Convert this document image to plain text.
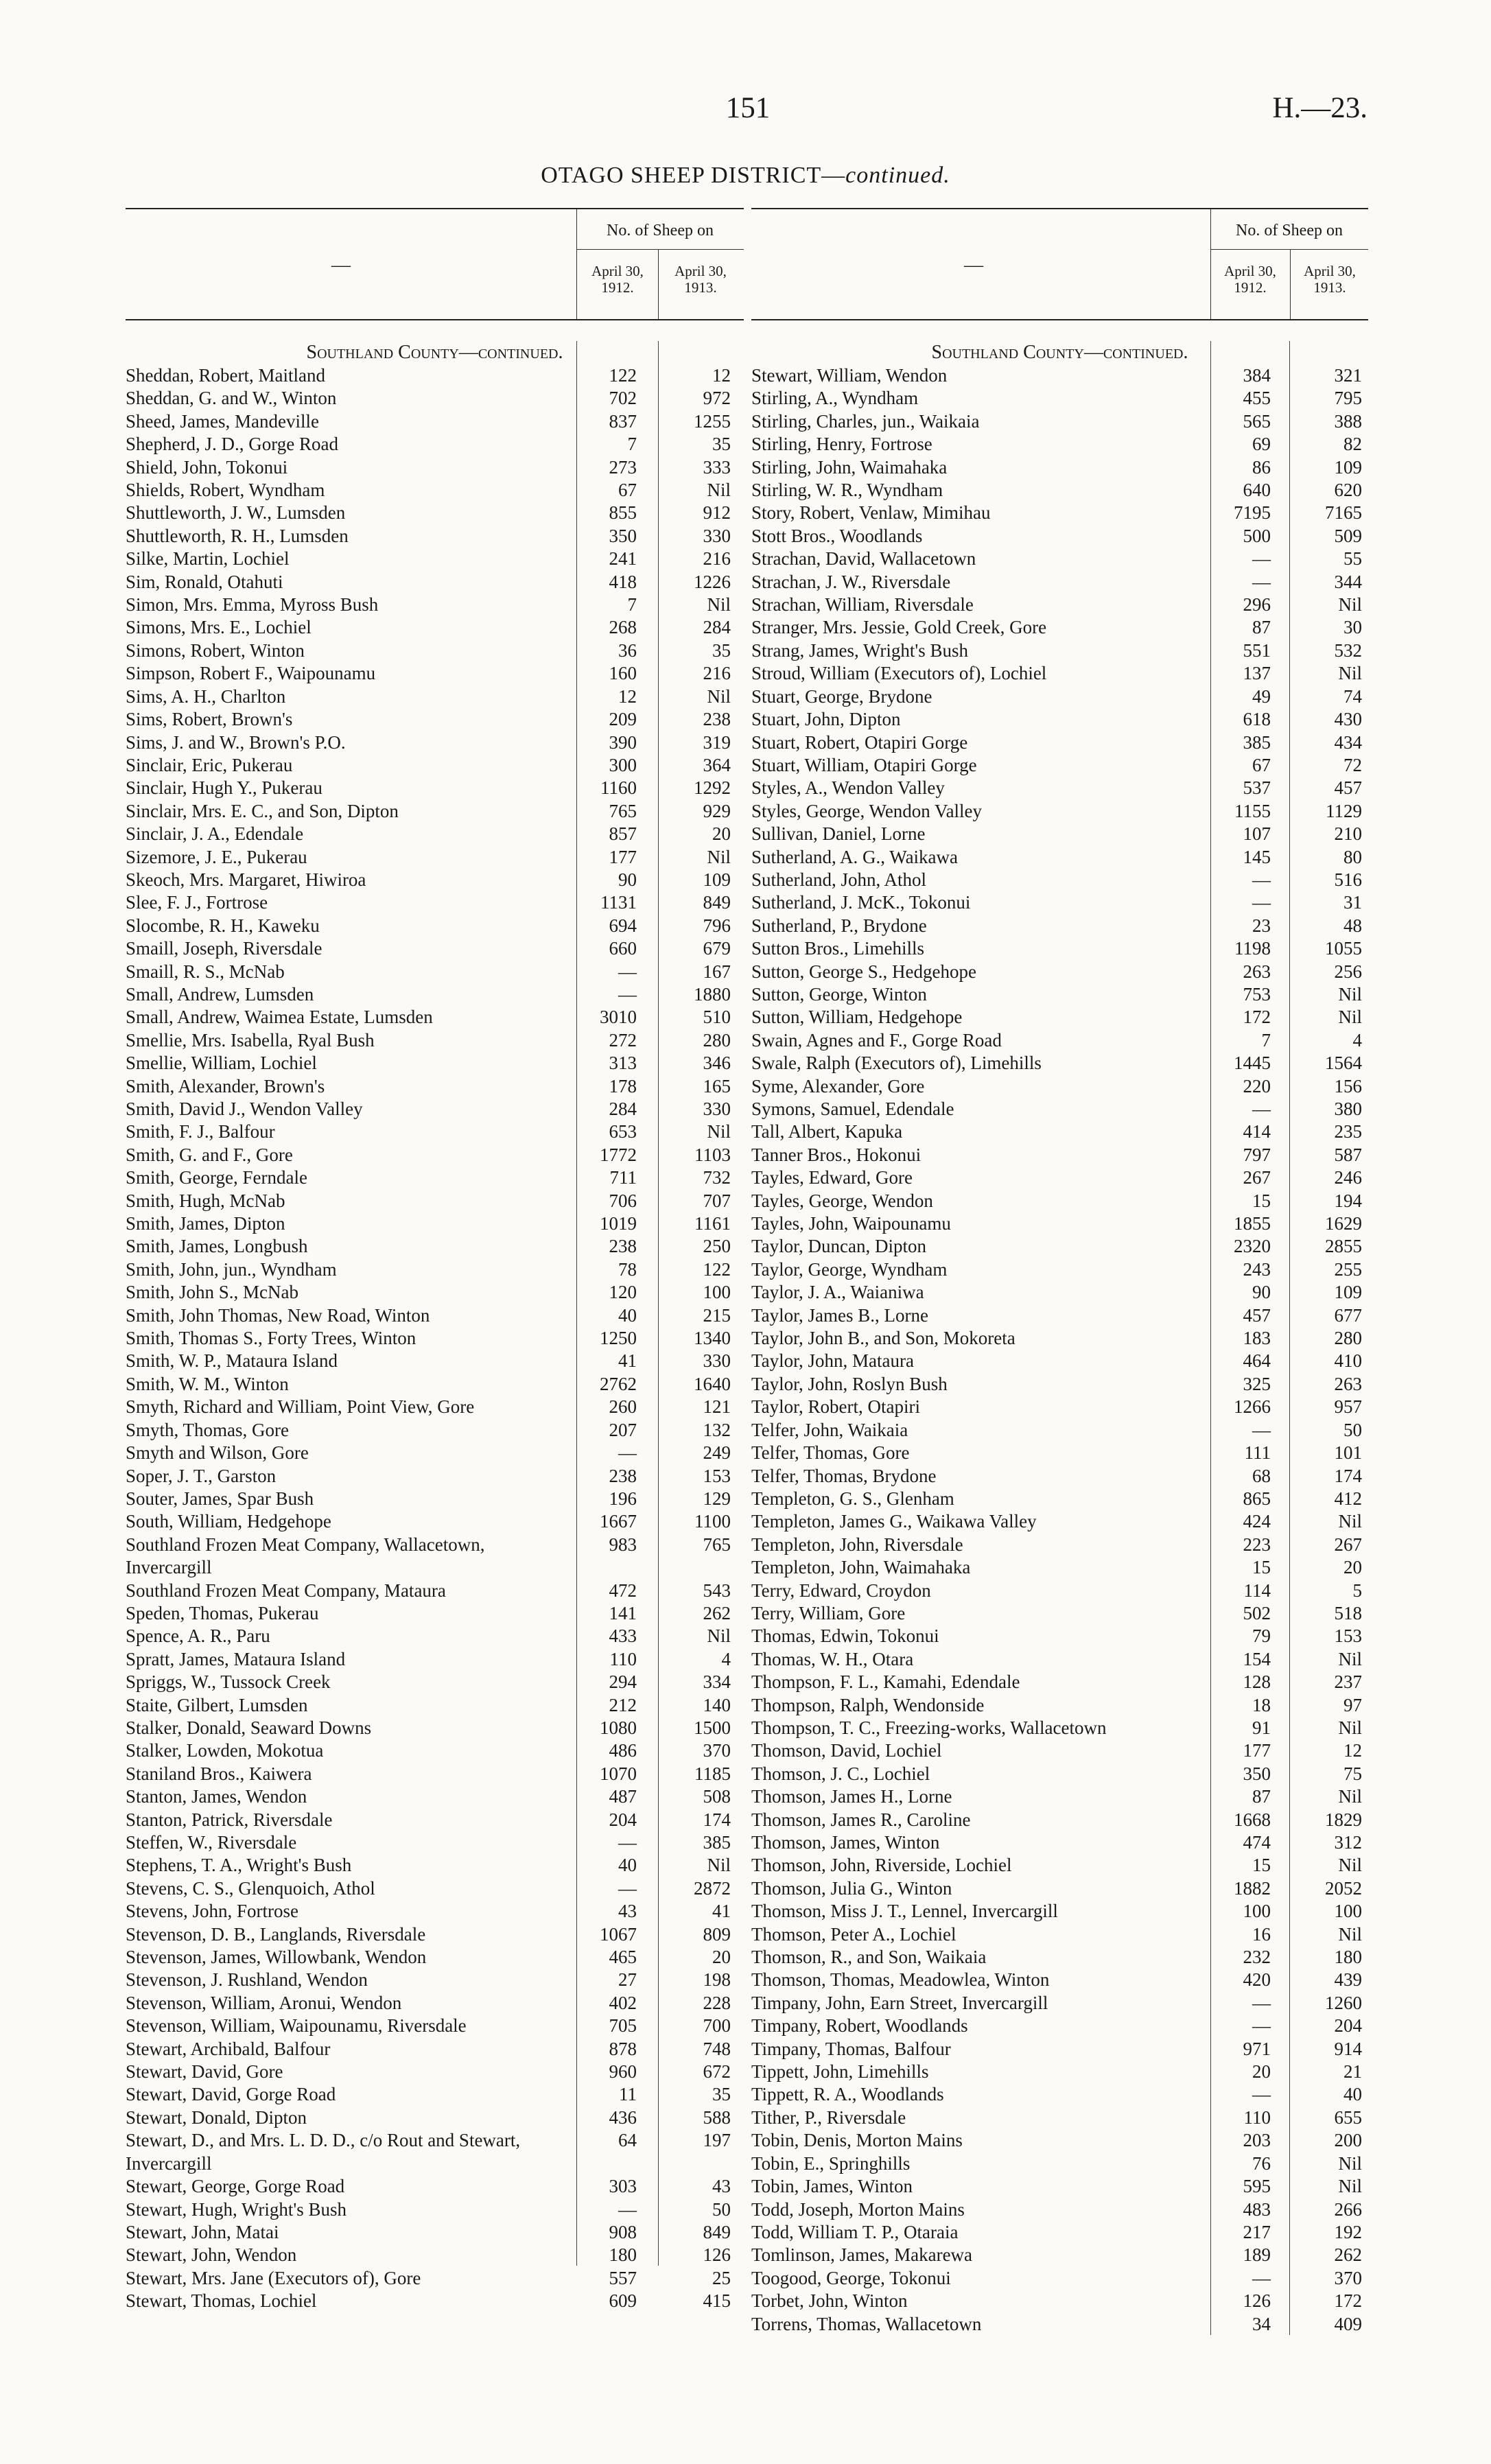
151	H.—23.
OTAGO SHEEP DISTRICT—continued.
—
No. of Sheep on
April 30, 1912.
April 30, 1913.
Southland County—continued.
Sheddan, Robert, Maitland	122	12
Sheddan, G. and W., Winton	702	972
Sheed, James, Mandeville	837	1255
Shepherd, J. D., Gorge Road	7	35
Shield, John, Tokonui	273	333
Shields, Robert, Wyndham	67	Nil
Shuttleworth, J. W., Lumsden	855	912
Shuttleworth, R. H., Lumsden	350	330
Silke, Martin, Lochiel	241	216
Sim, Ronald, Otahuti	418	1226
Simon, Mrs. Emma, Myross Bush	7	Nil
Simons, Mrs. E., Lochiel	268	284
Simons, Robert, Winton	36	35
Simpson, Robert F., Waipounamu	160	216
Sims, A. H., Charlton	12	Nil
Sims, Robert, Brown's	209	238
Sims, J. and W., Brown's P.O.	390	319
Sinclair, Eric, Pukerau	300	364
Sinclair, Hugh Y., Pukerau	1160	1292
Sinclair, Mrs. E. C., and Son, Dipton	765	929
Sinclair, J. A., Edendale	857	20
Sizemore, J. E., Pukerau	177	Nil
Skeoch, Mrs. Margaret, Hiwiroa	90	109
Slee, F. J., Fortrose	1131	849
Slocombe, R. H., Kaweku	694	796
Smaill, Joseph, Riversdale	660	679
Smaill, R. S., McNab	—	167
Small, Andrew, Lumsden	—	1880
Small, Andrew, Waimea Estate, Lumsden	3010	510
Smellie, Mrs. Isabella, Ryal Bush	272	280
Smellie, William, Lochiel	313	346
Smith, Alexander, Brown's	178	165
Smith, David J., Wendon Valley	284	330
Smith, F. J., Balfour	653	Nil
Smith, G. and F., Gore	1772	1103
Smith, George, Ferndale	711	732
Smith, Hugh, McNab	706	707
Smith, James, Dipton	1019	1161
Smith, James, Longbush	238	250
Smith, John, jun., Wyndham	78	122
Smith, John S., McNab	120	100
Smith, John Thomas, New Road, Winton	40	215
Smith, Thomas S., Forty Trees, Winton	1250	1340
Smith, W. P., Mataura Island	41	330
Smith, W. M., Winton	2762	1640
Smyth, Richard and William, Point View, Gore	260	121
Smyth, Thomas, Gore	207	132
Smyth and Wilson, Gore	—	249
Soper, J. T., Garston	238	153
Souter, James, Spar Bush	196	129
South, William, Hedgehope	1667	1100
Southland Frozen Meat Company, Wallacetown, Invercargill
983	765
Southland Frozen Meat Company, Mataura	472	543
Speden, Thomas, Pukerau	141	262
Spence, A. R., Paru	433	Nil
Spratt, James, Mataura Island	110	4
Spriggs, W., Tussock Creek	294	334
Staite, Gilbert, Lumsden	212	140
Stalker, Donald, Seaward Downs	1080	1500
Stalker, Lowden, Mokotua	486	370
Staniland Bros., Kaiwera	1070	1185
Stanton, James, Wendon	487	508
Stanton, Patrick, Riversdale	204	174
Steffen, W., Riversdale	—	385
Stephens, T. A., Wright's Bush	40	Nil
Stevens, C. S., Glenquoich, Athol	—	2872
Stevens, John, Fortrose	43	41
Stevenson, D. B., Langlands, Riversdale	1067	809
Stevenson, James, Willowbank, Wendon	465	20
Stevenson, J. Rushland, Wendon	27	198
Stevenson, William, Aronui, Wendon	402	228
Stevenson, William, Waipounamu, Riversdale	705	700
Stewart, Archibald, Balfour	878	748
Stewart, David, Gore	960	672
Stewart, David, Gorge Road	11	35
Stewart, Donald, Dipton	436	588
Stewart, D., and Mrs. L. D. D., c/o Rout and Stewart, Invercargill
64	197
Stewart, George, Gorge Road	303	43
Stewart, Hugh, Wright's Bush	—	50
Stewart, John, Matai	908	849
Stewart, John, Wendon	180	126
Stewart, Mrs. Jane (Executors of), Gore	557	25
Stewart, Thomas, Lochiel	609	415
—
No. of Sheep on
April 30, 1912.
April 30, 1913.
Southland County—continued.
Stewart, William, Wendon	384	321
Stirling, A., Wyndham	455	795
Stirling, Charles, jun., Waikaia	565	388
Stirling, Henry, Fortrose	69	82
Stirling, John, Waimahaka	86	109
Stirling, W. R., Wyndham	640	620
Story, Robert, Venlaw, Mimihau	7195	7165
Stott Bros., Woodlands	500	509
Strachan, David, Wallacetown	—	55
Strachan, J. W., Riversdale	—	344
Strachan, William, Riversdale	296	Nil
Stranger, Mrs. Jessie, Gold Creek, Gore	87	30
Strang, James, Wright's Bush	551	532
Stroud, William (Executors of), Lochiel	137	Nil
Stuart, George, Brydone	49	74
Stuart, John, Dipton	618	430
Stuart, Robert, Otapiri Gorge	385	434
Stuart, William, Otapiri Gorge	67	72
Styles, A., Wendon Valley	537	457
Styles, George, Wendon Valley	1155	1129
Sullivan, Daniel, Lorne	107	210
Sutherland, A. G., Waikawa	145	80
Sutherland, John, Athol	—	516
Sutherland, J. McK., Tokonui	—	31
Sutherland, P., Brydone	23	48
Sutton Bros., Limehills	1198	1055
Sutton, George S., Hedgehope	263	256
Sutton, George, Winton	753	Nil
Sutton, William, Hedgehope	172	Nil
Swain, Agnes and F., Gorge Road	7	4
Swale, Ralph (Executors of), Limehills	1445	1564
Syme, Alexander, Gore	220	156
Symons, Samuel, Edendale	—	380
Tall, Albert, Kapuka	414	235
Tanner Bros., Hokonui	797	587
Tayles, Edward, Gore	267	246
Tayles, George, Wendon	15	194
Tayles, John, Waipounamu	1855	1629
Taylor, Duncan, Dipton	2320	2855
Taylor, George, Wyndham	243	255
Taylor, J. A., Waianiwa	90	109
Taylor, James B., Lorne	457	677
Taylor, John B., and Son, Mokoreta	183	280
Taylor, John, Mataura	464	410
Taylor, John, Roslyn Bush	325	263
Taylor, Robert, Otapiri	1266	957
Telfer, John, Waikaia	—	50
Telfer, Thomas, Gore	111	101
Telfer, Thomas, Brydone	68	174
Templeton, G. S., Glenham	865	412
Templeton, James G., Waikawa Valley	424	Nil
Templeton, John, Riversdale	223	267
Templeton, John, Waimahaka	15	20
Terry, Edward, Croydon	114	5
Terry, William, Gore	502	518
Thomas, Edwin, Tokonui	79	153
Thomas, W. H., Otara	154	Nil
Thompson, F. L., Kamahi, Edendale	128	237
Thompson, Ralph, Wendonside	18	97
Thompson, T. C., Freezing-works, Wallacetown	91	Nil
Thomson, David, Lochiel	177	12
Thomson, J. C., Lochiel	350	75
Thomson, James H., Lorne	87	Nil
Thomson, James R., Caroline	1668	1829
Thomson, James, Winton	474	312
Thomson, John, Riverside, Lochiel	15	Nil
Thomson, Julia G., Winton	1882	2052
Thomson, Miss J. T., Lennel, Invercargill	100	100
Thomson, Peter A., Lochiel	16	Nil
Thomson, R., and Son, Waikaia	232	180
Thomson, Thomas, Meadowlea, Winton	420	439
Timpany, John, Earn Street, Invercargill	—	1260
Timpany, Robert, Woodlands	—	204
Timpany, Thomas, Balfour	971	914
Tippett, John, Limehills	20	21
Tippett, R. A., Woodlands	—	40
Tither, P., Riversdale	110	655
Tobin, Denis, Morton Mains	203	200
Tobin, E., Springhills	76	Nil
Tobin, James, Winton	595	Nil
Todd, Joseph, Morton Mains	483	266
Todd, William T. P., Otaraia	217	192
Tomlinson, James, Makarewa	189	262
Toogood, George, Tokonui	—	370
Torbet, John, Winton	126	172
Torrens, Thomas, Wallacetown	34	409
